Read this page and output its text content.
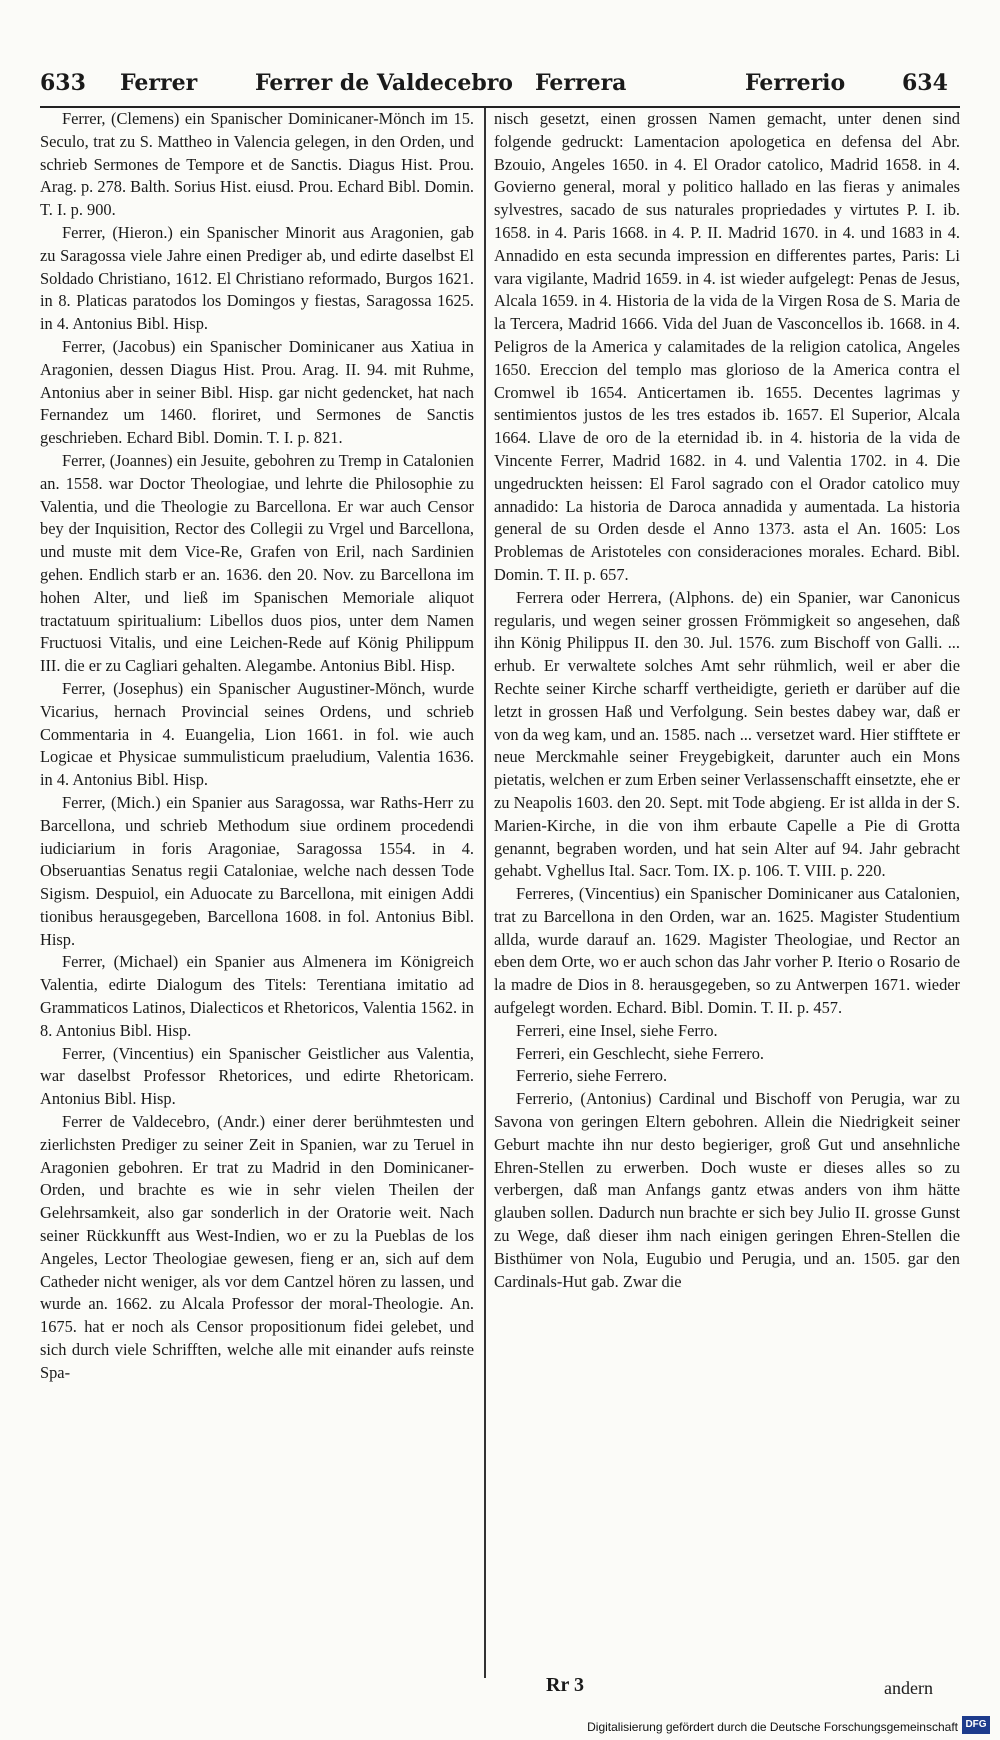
633 Ferrer	Ferrer de Valdecebro Ferrera	Ferrerio	634

Ferrer, (Clemens) ein Spanischer Dominicaner-Mönch im 15. Seculo, trat zu S. Mattheo in Valencia gelegen, in den Orden, und schrieb Sermones de Tempore et de Sanctis. Diagus Hist. Prou. Arag. p. 278. Balth. Sorius Hist. eiusd. Prou. Echard Bibl. Domin. T. I. p. 900.

Ferrer, (Hieron.) ein Spanischer Minorit aus Aragonien, gab zu Saragossa viele Jahre einen Prediger ab, und edirte daselbst El Soldado Christiano, 1612. El Christiano reformado, Burgos 1621. in 8. Platicas paratodos los Domingos y fiestas, Saragossa 1625. in 4. Antonius Bibl. Hisp.

Ferrer, (Jacobus) ein Spanischer Dominicaner aus Xatiua in Aragonien, dessen Diagus Hist. Prou. Arag. II. 94. mit Ruhme, Antonius aber in seiner Bibl. Hisp. gar nicht gedencket, hat nach Fernandez um 1460. floriret, und Sermones de Sanctis geschrieben. Echard Bibl. Domin. T. I. p. 821.

Ferrer, (Joannes) ein Jesuite, gebohren zu Tremp in Catalonien an. 1558. war Doctor Theologiae, und lehrte die Philosophie zu Valentia, und die Theologie zu Barcellona. Er war auch Censor bey der Inquisition, Rector des Collegii zu Vrgel und Barcellona, und muste mit dem Vice-Re, Grafen von Eril, nach Sardinien gehen. Endlich starb er an. 1636. den 20. Nov. zu Barcellona im hohen Alter, und ließ im Spanischen Memoriale aliquot tractatuum spiritualium: Libellos duos pios, unter dem Namen Fructuosi Vitalis, und eine Leichen-Rede auf König Philippum III. die er zu Cagliari gehalten. Alegambe. Antonius Bibl. Hisp.

Ferrer, (Josephus) ein Spanischer Augustiner-Mönch, wurde Vicarius, hernach Provincial seines Ordens, und schrieb Commentaria in 4. Euangelia, Lion 1661. in fol. wie auch Logicae et Physicae summulisticum praeludium, Valentia 1636. in 4. Antonius Bibl. Hisp.

Ferrer, (Mich.) ein Spanier aus Saragossa, war Raths-Herr zu Barcellona, und schrieb Methodum siue ordinem procedendi iudiciarium in foris Aragoniae, Saragossa 1554. in 4. Obseruantias Senatus regii Cataloniae, welche nach dessen Tode Sigism. Despuiol, ein Aduocate zu Barcellona, mit einigen Addi tionibus herausgegeben, Barcellona 1608. in fol. Antonius Bibl. Hisp.

Ferrer, (Michael) ein Spanier aus Almenera im Königreich Valentia, edirte Dialogum des Titels: Terentiana imitatio ad Grammaticos Latinos, Dialecticos et Rhetoricos, Valentia 1562. in 8. Antonius Bibl. Hisp.

Ferrer, (Vincentius) ein Spanischer Geistlicher aus Valentia, war daselbst Professor Rhetorices, und edirte Rhetoricam. Antonius Bibl. Hisp.

Ferrer de Valdecebro, (Andr.) einer derer berühmtesten und zierlichsten Prediger zu seiner Zeit in Spanien, war zu Teruel in Aragonien gebohren. Er trat zu Madrid in den Dominicaner-Orden, und brachte es wie in sehr vielen Theilen der Gelehrsamkeit, also gar sonderlich in der Oratorie weit. Nach seiner Rückkunfft aus West-Indien, wo er zu la Pueblas de los Angeles, Lector Theologiae gewesen, fieng er an, sich auf dem Catheder nicht weniger, als vor dem Cantzel hören zu lassen, und wurde an. 1662. zu Alcala Professor der moral-Theologie. An. 1675. hat er noch als Censor propositionum fidei gelebet, und sich durch viele Schrifften, welche alle mit einander aufs reinste Spa-

nisch gesetzt, einen grossen Namen gemacht, unter denen sind folgende gedruckt: Lamentacion apologetica en defensa del Abr. Bzouio, Angeles 1650. in 4. El Orador catolico, Madrid 1658. in 4. Govierno general, moral y politico hallado en las fieras y animales sylvestres, sacado de sus naturales propriedades y virtutes P. I. ib. 1658. in 4. Paris 1668. in 4. P. II. Madrid 1670. in 4. und 1683 in 4. Annadido en esta secunda impression en differentes partes, Paris: Li vara vigilante, Madrid 1659. in 4. ist wieder aufgelegt: Penas de Jesus, Alcala 1659. in 4. Historia de la vida de la Virgen Rosa de S. Maria de la Tercera, Madrid 1666. Vida del Juan de Vasconcellos ib. 1668. in 4. Peligros de la America y calamitades de la religion catolica, Angeles 1650. Ereccion del templo mas glorioso de la America contra el Cromwel ib 1654. Anticertamen ib. 1655. Decentes lagrimas y sentimientos justos de les tres estados ib. 1657. El Superior, Alcala 1664. Llave de oro de la eternidad ib. in 4. historia de la vida de Vincente Ferrer, Madrid 1682. in 4. und Valentia 1702. in 4. Die ungedruckten heissen: El Farol sagrado con el Orador catolico muy annadido: La historia de Daroca annadida y aumentada. La historia general de su Orden desde el Anno 1373. asta el An. 1605: Los Problemas de Aristoteles con consideraciones morales. Echard. Bibl. Domin. T. II. p. 657.

Ferrera oder Herrera, (Alphons. de) ein Spanier, war Canonicus regularis, und wegen seiner grossen Frömmigkeit so angesehen, daß ihn König Philippus II. den 30. Jul. 1576. zum Bischoff von Galli. ... erhub. Er verwaltete solches Amt sehr rühmlich, weil er aber die Rechte seiner Kirche scharff vertheidigte, gerieth er darüber auf die letzt in grossen Haß und Verfolgung. Sein bestes dabey war, daß er von da weg kam, und an. 1585. nach ... versetzet ward. Hier stifftete er neue Merckmahle seiner Freygebigkeit, darunter auch ein Mons pietatis, welchen er zum Erben seiner Verlassenschafft einsetzte, ehe er zu Neapolis 1603. den 20. Sept. mit Tode abgieng. Er ist allda in der S. Marien-Kirche, in die von ihm erbaute Capelle a Pie di Grotta genannt, begraben worden, und hat sein Alter auf 94. Jahr gebracht gehabt. Vghellus Ital. Sacr. Tom. IX. p. 106. T. VIII. p. 220.

Ferreres, (Vincentius) ein Spanischer Dominicaner aus Catalonien, trat zu Barcellona in den Orden, war an. 1625. Magister Studentium allda, wurde darauf an. 1629. Magister Theologiae, und Rector an eben dem Orte, wo er auch schon das Jahr vorher P. Iterio o Rosario de la madre de Dios in 8. herausgegeben, so zu Antwerpen 1671. wieder aufgelegt worden. Echard. Bibl. Domin. T. II. p. 457.

Ferreri, eine Insel, siehe Ferro.

Ferreri, ein Geschlecht, siehe Ferrero.

Ferrerio, siehe Ferrero.

Ferrerio, (Antonius) Cardinal und Bischoff von Perugia, war zu Savona von geringen Eltern gebohren. Allein die Niedrigkeit seiner Geburt machte ihn nur desto begieriger, groß Gut und ansehnliche Ehren-Stellen zu erwerben. Doch wuste er dieses alles so zu verbergen, daß man Anfangs gantz etwas anders von ihm hätte glauben sollen. Dadurch nun brachte er sich bey Julio II. grosse Gunst zu Wege, daß dieser ihm nach einigen geringen Ehren-Stellen die Bisthümer von Nola, Eugubio und Perugia, und an. 1505. gar den Cardinals-Hut gab. Zwar die

Rr 3	andern
Digitalisierung gefördert durch die Deutsche Forschungsgemeinschaft DFG
